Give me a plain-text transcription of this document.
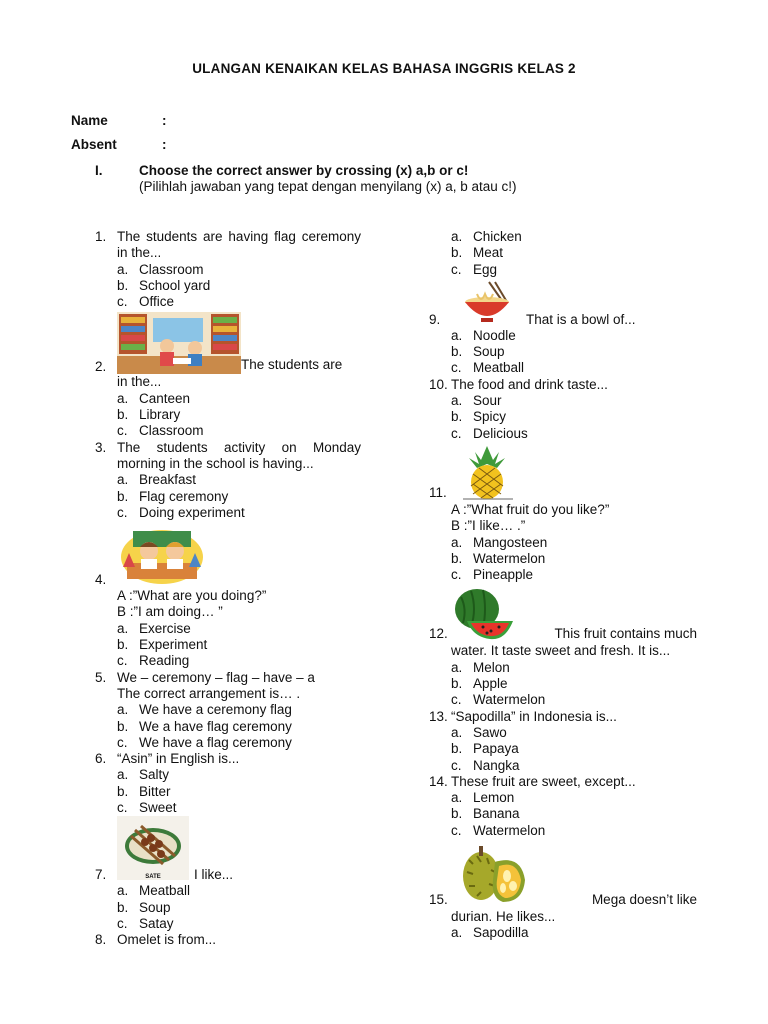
ULANGAN KENAIKAN KELAS BAHASA INGGRIS KELAS 2
Name	:
Absent	:
I.	Choose the correct answer by crossing (x) a,b or c!
(Pilihlah jawaban yang tepat dengan menyilang (x) a, b atau c!)
1. The students are having flag ceremony in the...
a. Classroom
b. School yard
c. Office
2.	The students are
in the...
a. Canteen
b. Library
c. Classroom
3. The students activity on Monday morning in the school is having...
a. Breakfast
b. Flag ceremony
c. Doing experiment
4.
A :”What are you doing?”
B :”I am doing… ”
a. Exercise
b. Experiment
c. Reading
5. We – ceremony – flag – have – a
The correct arrangement is… .
a. We have a ceremony flag
b. We a have flag ceremony
c. We have a flag ceremony
6. “Asin” in English is...
a. Salty
b. Bitter
c. Sweet
7.	SATE	I like...
a. Meatball
b. Soup
c. Satay
8. Omelet is from...
a. Chicken
b. Meat
c. Egg
9.	That is a bowl of...
a. Noodle
b. Soup
c. Meatball
10. The food and drink taste...
a. Sour
b. Spicy
c. Delicious
11.
A :”What fruit do you like?”
B :”I like… .”
a. Mangosteen
b. Watermelon
c. Pineapple
12.	This fruit contains much
water. It taste sweet and fresh. It is...
a. Melon
b. Apple
c. Watermelon
13. “Sapodilla” in Indonesia is...
a. Sawo
b. Papaya
c. Nangka
14. These fruit are sweet, except...
a. Lemon
b. Banana
c. Watermelon
15.	Mega doesn’t like
durian. He likes...
a. Sapodilla
